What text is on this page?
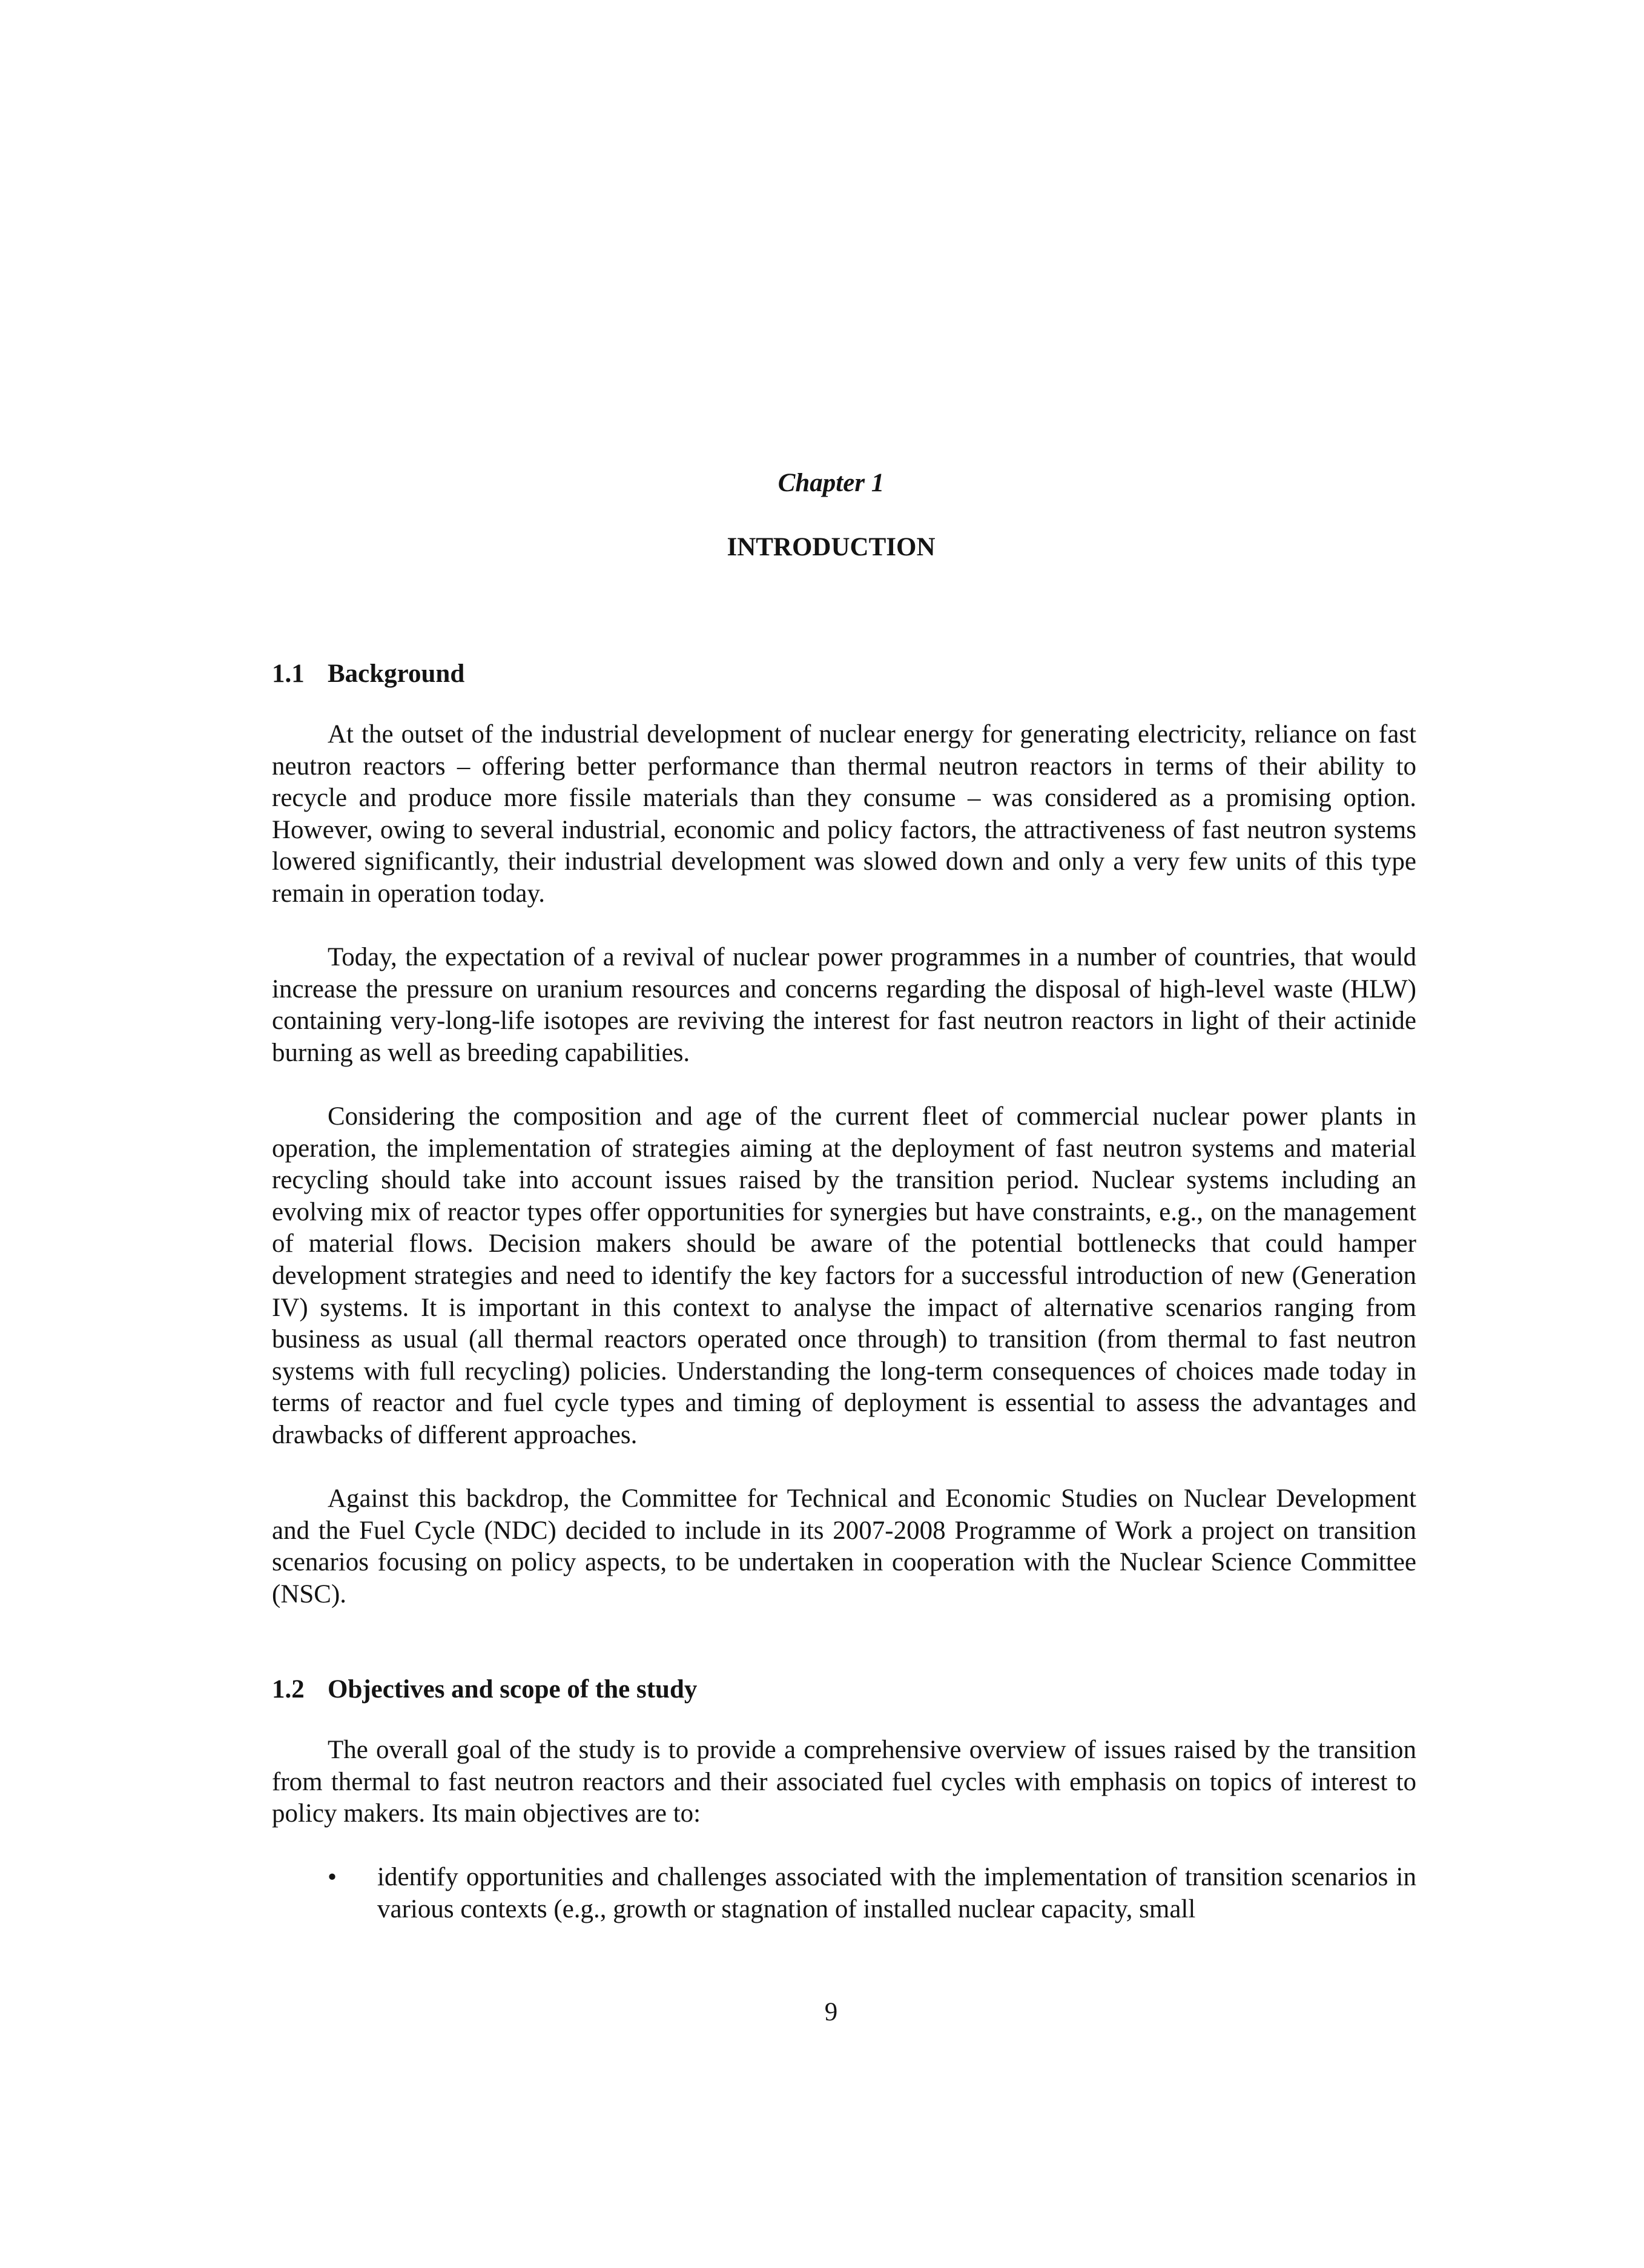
Chapter 1

INTRODUCTION
1.1 Background

At the outset of the industrial development of nuclear energy for generating electricity, reliance on fast neutron reactors – offering better performance than thermal neutron reactors in terms of their ability to recycle and produce more fissile materials than they consume – was considered as a promising option. However, owing to several industrial, economic and policy factors, the attractiveness of fast neutron systems lowered significantly, their industrial development was slowed down and only a very few units of this type remain in operation today.

Today, the expectation of a revival of nuclear power programmes in a number of countries, that would increase the pressure on uranium resources and concerns regarding the disposal of high-level waste (HLW) containing very-long-life isotopes are reviving the interest for fast neutron reactors in light of their actinide burning as well as breeding capabilities.

Considering the composition and age of the current fleet of commercial nuclear power plants in operation, the implementation of strategies aiming at the deployment of fast neutron systems and material recycling should take into account issues raised by the transition period. Nuclear systems including an evolving mix of reactor types offer opportunities for synergies but have constraints, e.g., on the management of material flows. Decision makers should be aware of the potential bottlenecks that could hamper development strategies and need to identify the key factors for a successful introduction of new (Generation IV) systems. It is important in this context to analyse the impact of alternative scenarios ranging from business as usual (all thermal reactors operated once through) to transition (from thermal to fast neutron systems with full recycling) policies. Understanding the long-term consequences of choices made today in terms of reactor and fuel cycle types and timing of deployment is essential to assess the advantages and drawbacks of different approaches.

Against this backdrop, the Committee for Technical and Economic Studies on Nuclear Development and the Fuel Cycle (NDC) decided to include in its 2007-2008 Programme of Work a project on transition scenarios focusing on policy aspects, to be undertaken in cooperation with the Nuclear Science Committee (NSC).

1.2 Objectives and scope of the study

The overall goal of the study is to provide a comprehensive overview of issues raised by the transition from thermal to fast neutron reactors and their associated fuel cycles with emphasis on topics of interest to policy makers. Its main objectives are to:

•	identify opportunities and challenges associated with the implementation of transition scenarios in various contexts (e.g., growth or stagnation of installed nuclear capacity, small

9
